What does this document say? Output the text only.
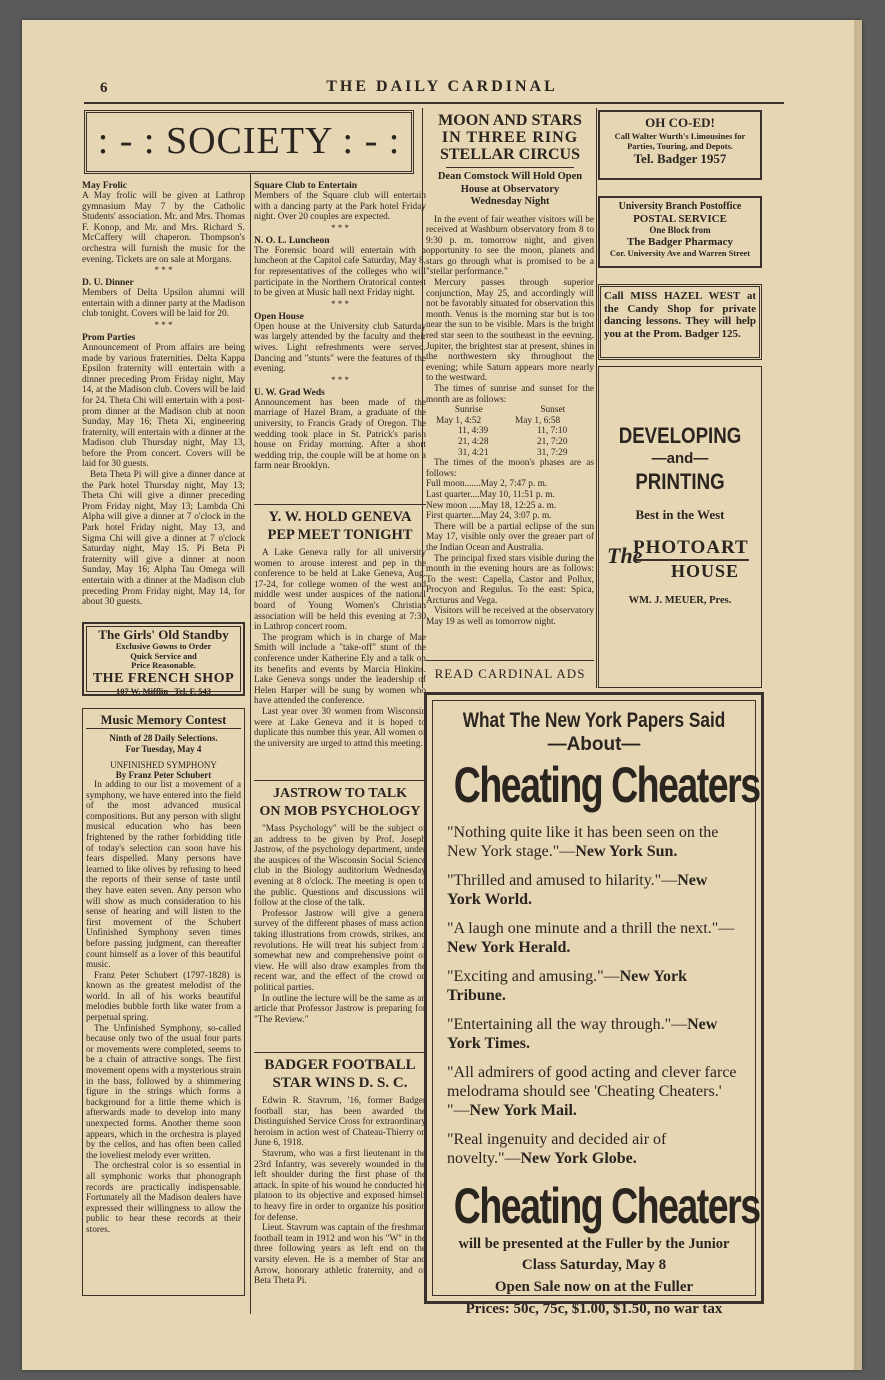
6	THE DAILY CARDINAL
: - : SOCIETY : - :
May Frolic

A May frolic will be given at Lathrop gymnasium May 7 by the Catholic Students' association. Mr. and Mrs. Thomas F. Konop, and Mr. and Mrs. Richard S. McCaffery will chaperon. Thompson's orchestra will furnish the music for the evening. Tickets are on sale at Morgans.

* * *

D. U. Dinner

Members of Delta Upsilon alumni will entertain with a dinner party at the Madison club tonight. Covers will be laid for 20.

* * *

Prom Parties

Announcement of Prom affairs are being made by various fraternities. Delta Kappa Epsilon fraternity will entertain with a dinner preceding Prom Friday night, May 14, at the Madison club. Covers will be laid for 24. Theta Chi will entertain with a post-prom dinner at the Madison club at noon Sunday, May 16; Theta Xi, engineering fraternity, will entertain with a dinner at the Madison club Thursday night, May 13, before the Prom concert. Covers will be laid for 30 guests.

Beta Theta Pi will give a dinner dance at the Park hotel Thursday night, May 13; Theta Chi will give a dinner preceding Prom Friday night, May 13; Lambda Chi Alpha will give a dinner at 7 o'clock in the Park hotel Friday night, May 13, and Sigma Chi will give a dinner at 7 o'clock Saturday night, May 15. Pi Beta Pi fraternity will give a dinner at noon Sunday, May 16; Alpha Tau Omega will entertain with a dinner at the Madison club preceding Prom Friday night, May 14, for about 30 guests.

The Girls' Old Standby
Exclusive Gowns to Order
Quick Service and
Price Reasonable.
THE FRENCH SHOP
107 W. Mifflin Tel. F. 543
Music Memory Contest
Ninth of 28 Daily Selections.
For Tuesday, May 4
UNFINISHED SYMPHONY
By Franz Peter Schubert

In adding to our list a movement of a symphony, we have entered into the field of the most advanced musical compositions. But any person with slight musical education who has been frightened by the rather forbidding title of today's selection can soon have his fears dispelled. Many persons have learned to like olives by refusing to heed the reports of their sense of taste until they have eaten seven. Any person who will show as much consideration to his sense of hearing and will listen to the first movement of the Schubert Unfinished Symphony seven times before passing judgment, can thereafter count himself as a lover of this beautiful music.

Franz Peter Schubert (1797-1828) is known as the greatest melodist of the world. In all of his works beautiful melodies bubble forth like water from a perpetual spring.

The Unfinished Symphony, so-called because only two of the usual four parts or movements were completed, seems to be a chain of attractive songs. The first movement opens with a mysterious strain in the bass, followed by a shimmering figure in the strings which forms a background for a little theme which is afterwards made to develop into many unexpected forms. Another theme soon appears, which in the orchestra is played by the cellos, and has often been called the loveliest melody ever written.

The orchestral color is so essential in all symphonic works that phonograph records are practically indispensable. Fortunately all the Madison dealers have expressed their willingness to allow the public to hear these records at their stores.

Square Club to Entertain

Members of the Square club will entertain with a dancing party at the Park hotel Friday night. Over 20 couples are expected.

* * *

N. O. L. Luncheon

The Forensic board will entertain with a luncheon at the Capitol cafe Saturday, May 8, for representatives of the colleges who will participate in the Northern Oratorical contest to be given at Music hall next Friday night.

* * *

Open House

Open house at the University club Saturday was largely attended by the faculty and their wives. Light refreshments were served. Dancing and "stunts" were the features of the evening.

* * *

U. W. Grad Weds

Announcement has been made of the marriage of Hazel Bram, a graduate of the university, to Francis Grady of Oregon. The wedding took place in St. Patrick's parish house on Friday morning. After a short wedding trip, the couple will be at home on a farm near Brooklyn.

Y. W. HOLD GENEVA
PEP MEET TONIGHT

A Lake Geneva rally for all university women to arouse interest and pep in the conference to be held at Lake Geneva, Aug. 17-24, for college women of the west and middle west under auspices of the national board of Young Women's Christian association will be held this evening at 7:30 in Lathrop concert room.

The program which is in charge of Mae Smith will include a "take-off" stunt of the conference under Katherine Ely and a talk on its benefits and events by Marcia Hinkins. Lake Geneva songs under the leadership of Helen Harper will be sung by women who have attended the conference.

Last year over 30 women from Wisconsin were at Lake Geneva and it is hoped to duplicate this number this year. All women of the university are urged to attnd this meeting.

JASTROW TO TALK
ON MOB PSYCHOLOGY

"Mass Psychology" will be the subject of an address to be given by Prof. Joseph Jastrow, of the psychology department, under the auspices of the Wisconsin Social Science club in the Biology auditorium Wednesday evening at 8 o'clock. The meeting is open to the public. Questions and discussions will follow at the close of the talk.

Professor Jastrow will give a general survey of the different phases of mass action, taking illustrations from crowds, strikes, and revolutions. He will treat his subject from a somewhat new and comprehensive point of view. He will also draw examples from the recent war, and the effect of the crowd on political parties.

In outline the lecture will be the same as an article that Professor Jastrow is preparing for "The Review."

BADGER FOOTBALL
STAR WINS D. S. C.

Edwin R. Stavrum, '16, former Badger football star, has been awarded the Distinguished Service Cross for extraordinary heroism in action west of Chateau-Thierry on June 6, 1918.

Stavrum, who was a first lieutenant in the 23rd Infantry, was severely wounded in the left shoulder during the first phase of the attack. In spite of his wound he conducted his platoon to its objective and exposed himself to heavy fire in order to organize his position for defense.

Lieut. Stavrum was captain of the freshman football team in 1912 and won his "W" in the three following years as left end on the varsity eleven. He is a member of Star and Arrow, honorary athletic fraternity, and of Beta Theta Pi.

MOON AND STARS
IN THREE RING
STELLAR CIRCUS
Dean Comstock Will Hold Open
House at Observatory
Wednesday Night

In the event of fair weather visitors will be received at Washburn observatory from 8 to 9:30 p. m. tomorrow night, and given opportunity to see the moon, planets and stars go through what is promised to be a "stellar performance."

Mercury passes through superior conjunction, May 25, and accordingly will not be favorably situated for observation this month. Venus is the morning star but is too near the sun to be visible. Mars is the bright red star seen to the southeast in the eevning. Jupiter, the brightest star at present, shines in the northwestern sky throughout the evening; while Saturn appears more nearly to the westward.

The times of sunrise and sunset for the month are as follows:

Sunrise	Sunset
May 1, 4:52	May 1, 6:58
11, 4:39	11, 7:10
21, 4:28	21, 7:20
31, 4:21	31, 7:29

The times of the moon's phases are as follows:

Full moon.......May 2, 7:47 p. m.

Last quarter....May 10, 11:51 p. m.

New moon .....May 18, 12:25 a. m.

First quarter....May 24, 3:07 p. m.

There will be a partial eclipse of the sun May 17, visible only over the greaer part of the Indian Ocean and Australia.

The principal fixed stars visible during the month in the evening hours are as follows: To the west: Capella, Castor and Pollux, Procyon and Regulus. To the east: Spica, Arcturus and Vega.

Visitors will be received at the observatory May 19 as well as tomorrow night.

READ CARDINAL ADS
OH CO-ED!
Call Walter Wurth's Limousines for Parties, Touring, and Depots.
Tel. Badger 1957
University Branch Postoffice
POSTAL SERVICE
One Block from
The Badger Pharmacy
Cor. University Ave and Warren Street
Call MISS HAZEL WEST at the Candy Shop for private dancing lessons. They will help you at the Prom. Badger 125.
DEVELOPING
—and—
PRINTING
Best in the West
The
PHOTOART
HOUSE
WM. J. MEUER, Pres.
What The New York Papers Said
—About—
Cheating Cheaters

"Nothing quite like it has been seen on the New York stage."—New York Sun.

"Thrilled and amused to hilarity."—New York World.

"A laugh one minute and a thrill the next."—New York Herald.

"Exciting and amusing."—New York Tribune.

"Entertaining all the way through."—New York Times.

"All admirers of good acting and clever farce melodrama should see 'Cheating Cheaters.' "—New York Mail.

"Real ingenuity and decided air of novelty."—New York Globe.

Cheating Cheaters
will be presented at the Fuller by the Junior
Class Saturday, May 8
Open Sale now on at the Fuller
Prices: 50c, 75c, $1.00, $1.50, no war tax
